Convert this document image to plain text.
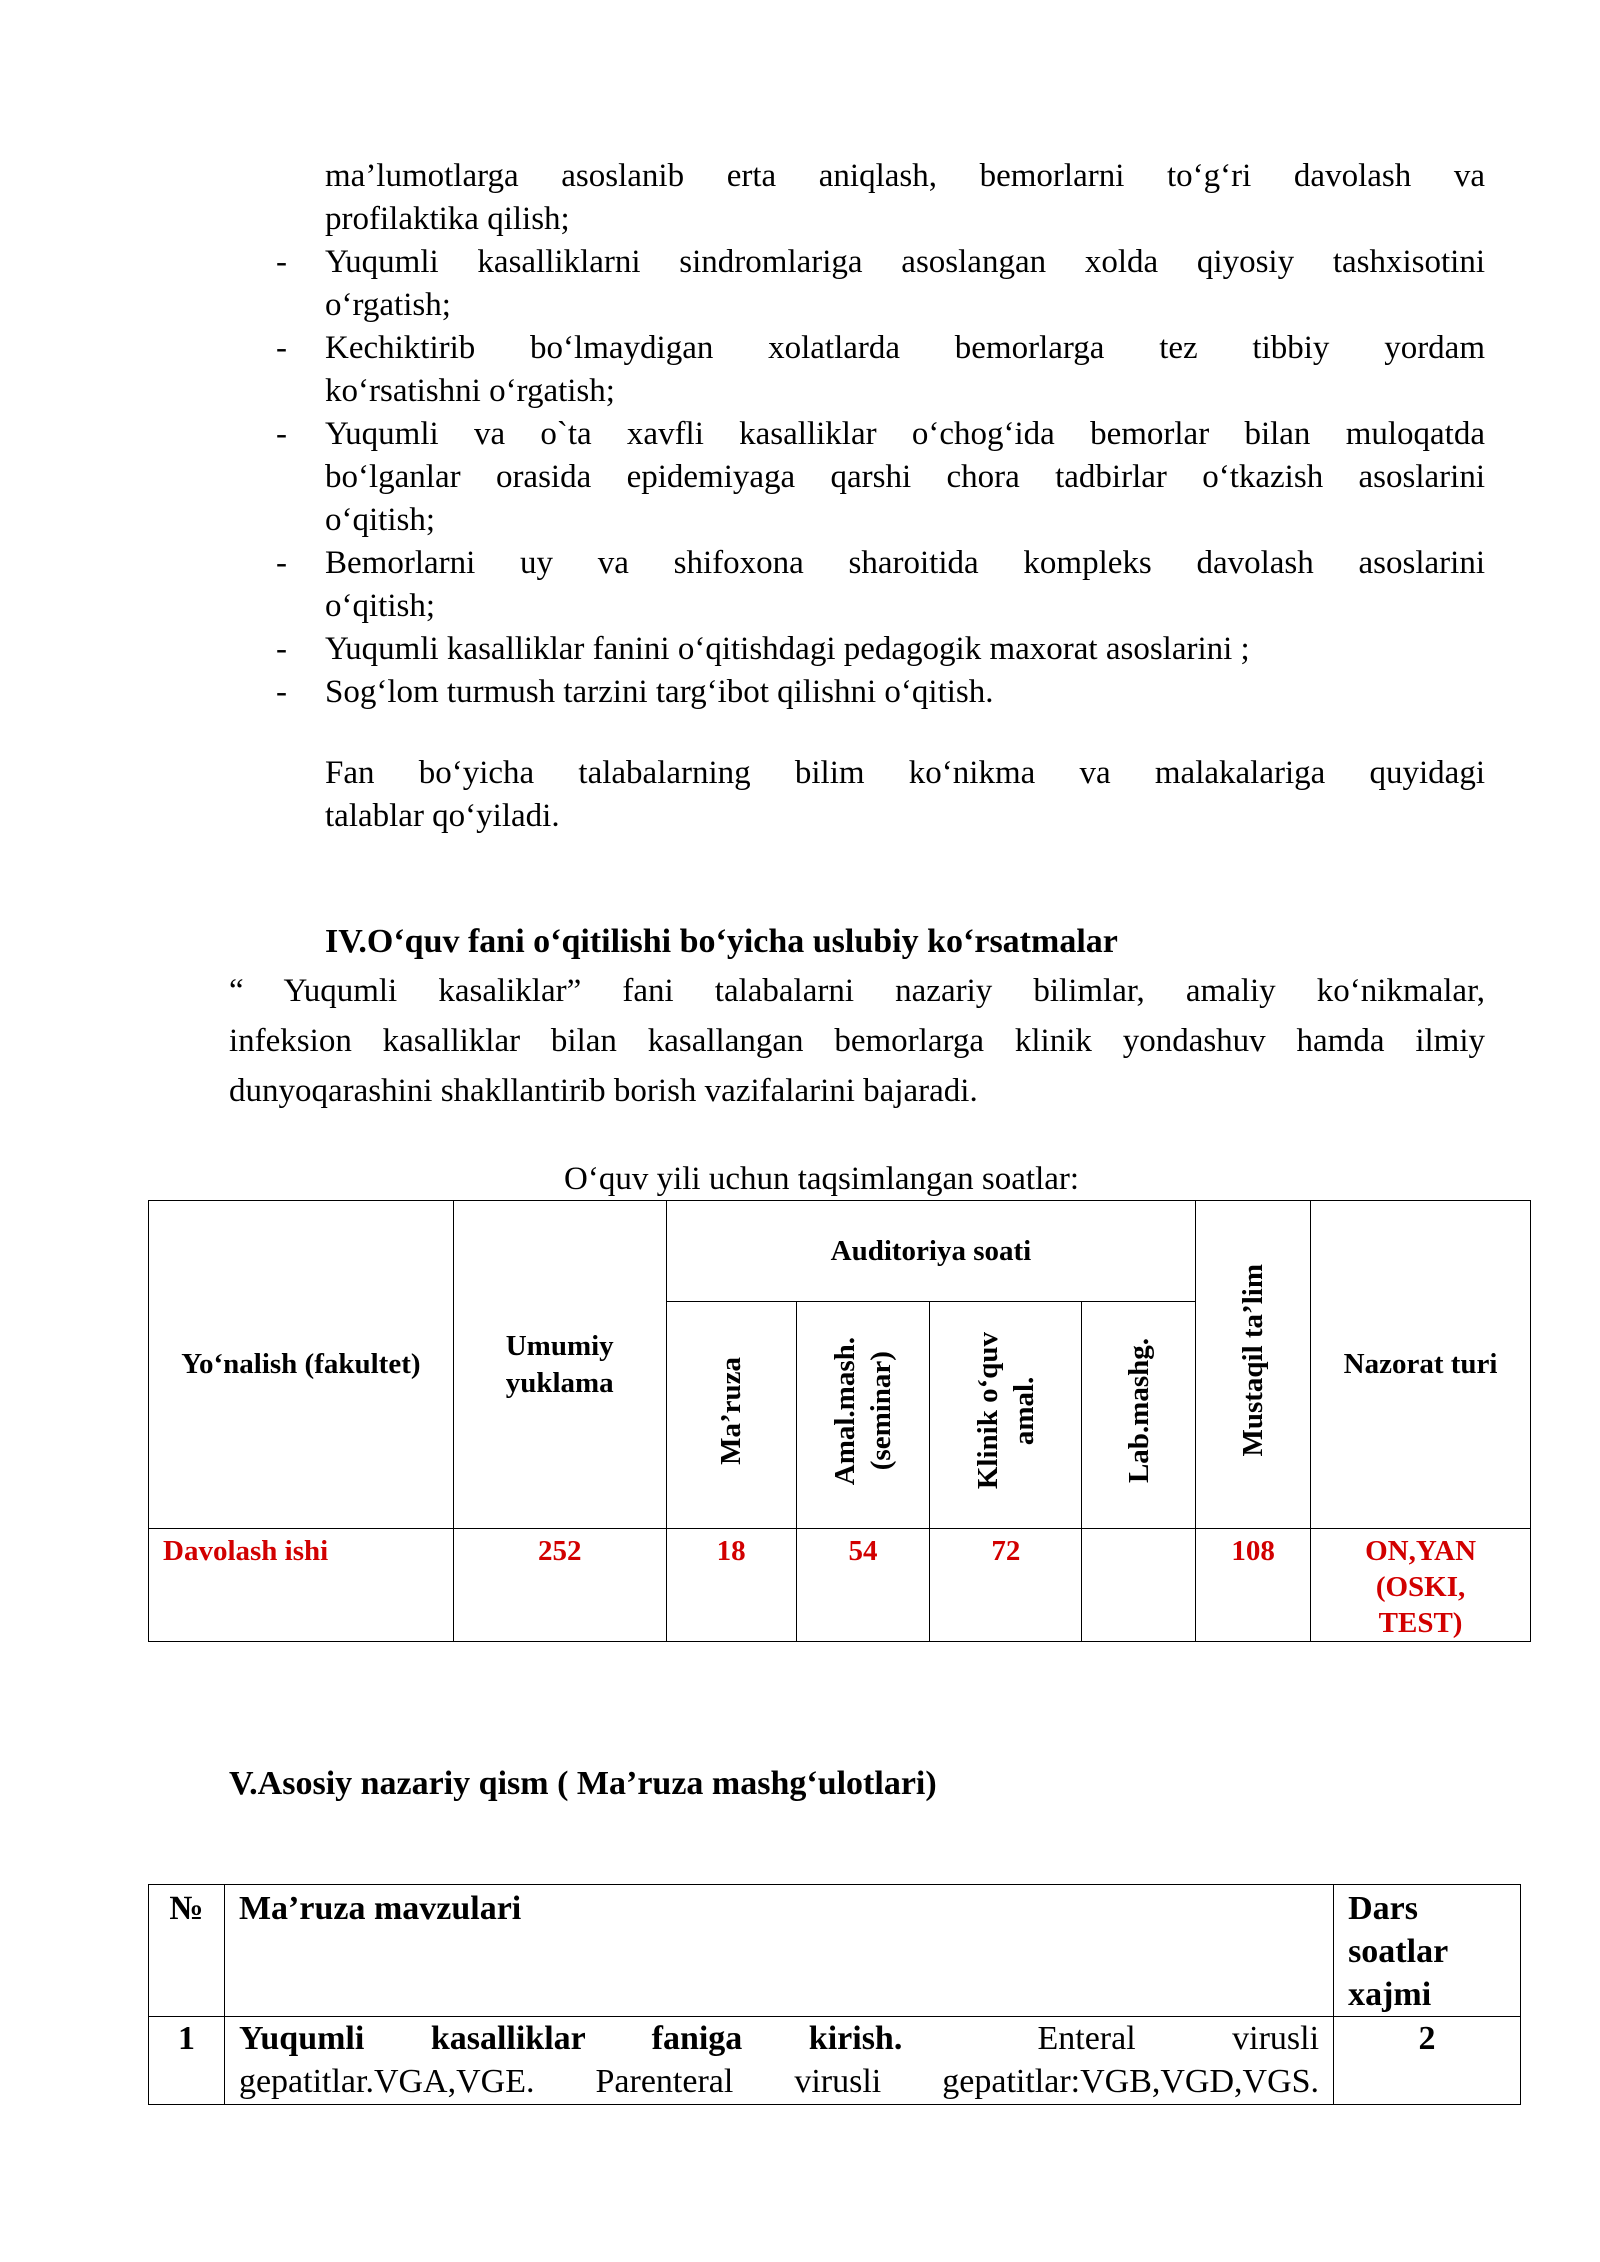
ma’lumotlarga asoslanib erta aniqlash, bemorlarni to‘g‘ri davolash va
profilaktika qilish;
- Yuqumli kasalliklarni sindromlariga asoslangan xolda qiyosiy tashxisotini
o‘rgatish;
- Kechiktirib bo‘lmaydigan xolatlarda bemorlarga tez tibbiy yordam
ko‘rsatishni o‘rgatish;
- Yuqumli va o`ta xavfli kasalliklar o‘chog‘ida bemorlar bilan muloqatda
bo‘lganlar orasida epidemiyaga qarshi chora tadbirlar o‘tkazish asoslarini
o‘qitish;
- Bemorlarni uy va shifoxona sharoitida kompleks davolash asoslarini
o‘qitish;
- Yuqumli kasalliklar fanini o‘qitishdagi pedagogik maxorat asoslarini ;
- Sog‘lom turmush tarzini targ‘ibot qilishni o‘qitish.
Fan bo‘yicha talabalarning bilim ko‘nikma va malakalariga quyidagi
talablar qo‘yiladi.
IV.O‘quv fani o‘qitilishi bo‘yicha uslubiy ko‘rsatmalar
“ Yuqumli kasaliklar” fani talabalarni nazariy bilimlar, amaliy ko‘nikmalar,
infeksion kasalliklar bilan kasallangan bemorlarga klinik yondashuv hamda ilmiy
dunyoqarashini shakllantirib borish vazifalarini bajaradi.
O‘quv yili uchun taqsimlangan soatlar:
Yo‘nalish (fakultet)	Umumiy yuklama	Auditoriya soati				Mustaqil ta’lim	Nazorat turi
		Ma’ruza	Amal.mash. (seminar)	Klinik o‘quv amal.	Lab.mashg.		
Davolash ishi	252	18	54	72		108	ON,YAN
(OSKI,
TEST)
V.Asosiy nazariy qism ( Ma’ruza mashg‘ulotlari)
№	Ma’ruza mavzulari	Dars
soatlar
xajmi
1	Yuqumli kasalliklar faniga kirish. Enteral virusli
gepatitlar.VGA,VGE. Parenteral virusli gepatitlar:VGB,VGD,VGS.	2
